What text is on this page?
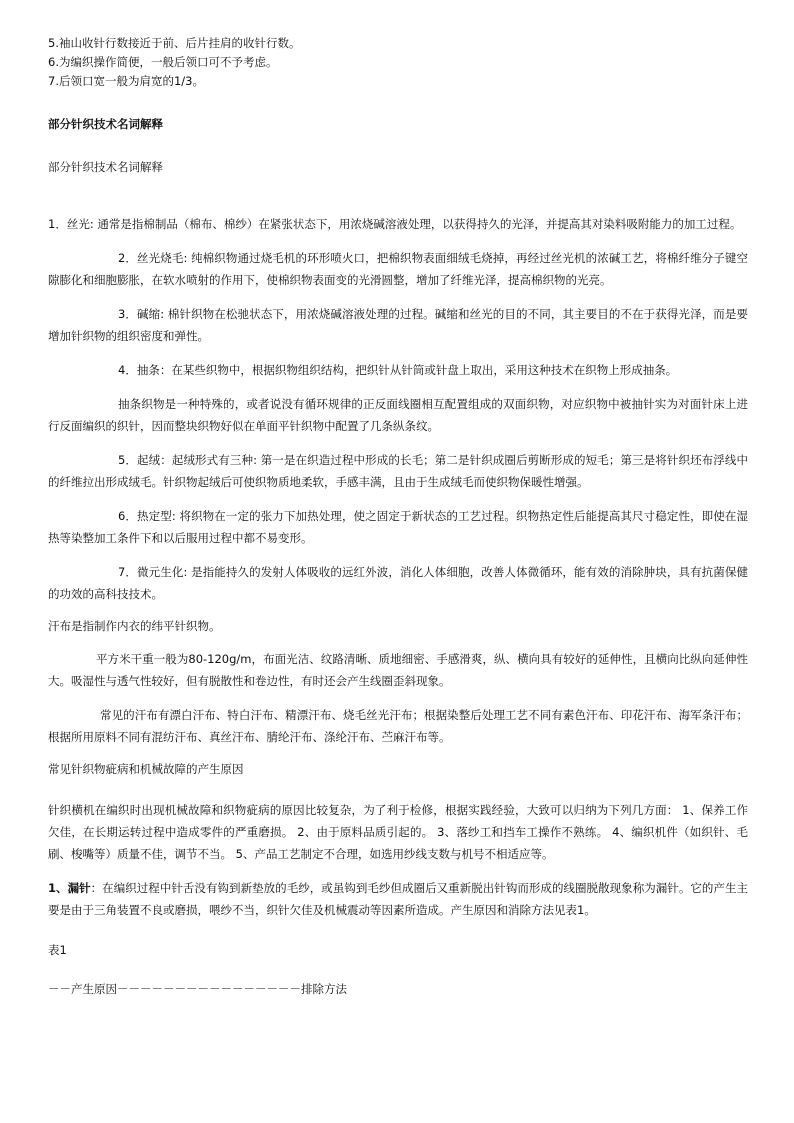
5.袖山收针行数接近于前、后片挂肩的收针行数。

6.为编织操作简便，一般后领口可不予考虑。

7.后领口宽一般为肩宽的1/3。

部分针织技术名词解释

部分针织技术名词解释

1．丝光: 通常是指棉制品（棉布、棉纱）在紧张状态下，用浓烧碱溶液处理，以获得持久的光泽，并提高其对染料吸附能力的加工过程。

2．丝光烧毛: 纯棉织物通过烧毛机的环形喷火口，把棉织物表面细绒毛烧掉，再经过丝光机的浓碱工艺，将棉纤维分子键空隙膨化和细胞膨胀，在软水喷射的作用下，使棉织物表面变的光滑圆整，增加了纤维光泽，提高棉织物的光亮。

3．碱缩: 棉针织物在松驰状态下，用浓烧碱溶液处理的过程。碱缩和丝光的目的不同，其主要目的不在于获得光泽，而是要增加针织物的组织密度和弹性。

4．抽条：在某些织物中，根据织物组织结构，把织针从针筒或针盘上取出，采用这种技术在织物上形成抽条。

抽条织物是一种特殊的，或者说没有循环规律的正反面线圈相互配置组成的双面织物，对应织物中被抽针实为对面针床上进行反面编织的织针，因而整块织物好似在单面平针织物中配置了几条纵条纹。

5．起绒：起绒形式有三种: 第一是在织造过程中形成的长毛；第二是针织成圈后剪断形成的短毛；第三是将针织坯布浮线中的纤维拉出形成绒毛。针织物起绒后可使织物质地柔软，手感丰满，且由于生成绒毛而使织物保暖性增强。

6．热定型: 将织物在一定的张力下加热处理，使之固定于新状态的工艺过程。织物热定性后能提高其尺寸稳定性，即使在湿热等染整加工条件下和以后服用过程中都不易变形。

7．微元生化: 是指能持久的发射人体吸收的远红外波，消化人体细胞，改善人体微循环，能有效的消除肿块，具有抗菌保健的功效的高科技技术。

汗布是指制作内衣的纬平针织物。

平方米干重一般为80-120g/m，布面光洁、纹路清晰、质地细密、手感滑爽，纵、横向具有较好的延伸性，且横向比纵向延伸性大。吸湿性与透气性较好，但有脱散性和卷边性，有时还会产生线圈歪斜现象。

常见的汗布有漂白汗布、特白汗布、精漂汗布、烧毛丝光汗布；根据染整后处理工艺不同有素色汗布、印花汗布、海军条汗布；根据所用原料不同有混纺汗布、真丝汗布、腈纶汗布、涤纶汗布、苎麻汗布等。

常见针织物疵病和机械故障的产生原因

针织横机在编织时出现机械故障和织物疵病的原因比较复杂，为了利于检修，根据实践经验，大致可以归纳为下列几方面： 1、保养工作欠佳，在长期运转过程中造成零件的严重磨损。 2、由于原料品质引起的。 3、落纱工和挡车工操作不熟练。 4、编织机件（如织针、毛刷、梭嘴等）质量不佳，调节不当。 5、产品工艺制定不合理，如选用纱线支数与机号不相适应等。

1、漏针：在编织过程中针舌没有钩到新垫放的毛纱，或虽钩到毛纱但成圈后又重新脱出针钩而形成的线圈脱散现象称为漏针。它的产生主要是由于三角装置不良或磨损，喂纱不当，织针欠佳及机械震动等因素所造成。产生原因和消除方法见表1。

表1

－－产生原因－－－－－－－－－－－－－－－－排除方法
